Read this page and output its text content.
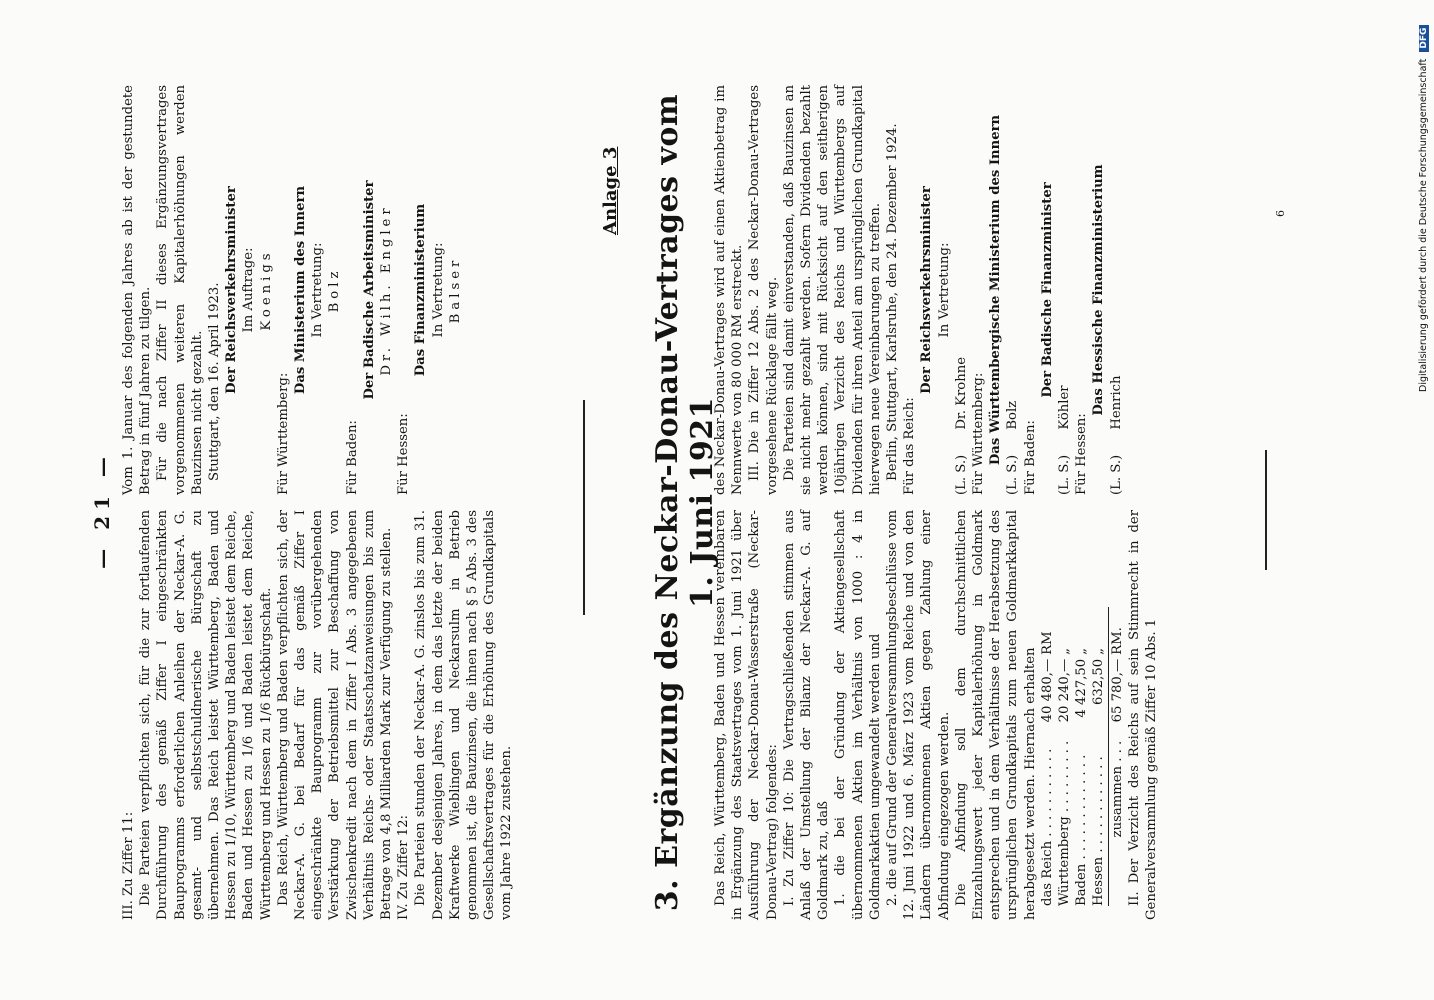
— 21 —

III. Zu Ziffer 11: Die Parteien verpflichten sich, für die zur fortlaufenden Durchführung des gemäß Ziffer I eingeschränkten Bauprogramms erforderlichen Anleihen der Neckar-A. G. gesamt- und selbstschuldnerische Bürgschaft zu übernehmen. Das Reich leistet Württemberg, Baden und Hessen zu 1/10, Württemberg und Baden leistet dem Reiche, Baden und Hessen zu 1/6 und Baden leistet dem Reiche, Württemberg und Hessen zu 1/6 Rückbürgschaft. Das Reich, Württemberg und Baden verpflichten sich, der Neckar-A. G. bei Bedarf für das gemäß Ziffer I eingeschränkte Bauprogramm zur vorübergehenden Verstärkung der Betriebsmittel zur Beschaffung von Zwischenkredit nach dem in Ziffer I Abs. 3 angegebenen Verhältnis Reichs- oder Staatsschatzanweisungen bis zum Betrage von 4,8 Milliarden Mark zur Verfügung zu stellen. IV. Zu Ziffer 12: Die Parteien stunden der Neckar-A. G. zinslos bis zum 31. Dezember desjenigen Jahres, in dem das letzte der beiden Kraftwerke Wieblingen und Neckarsulm in Betrieb genommen ist, die Bauzinsen, die ihnen nach § 5 Abs. 3 des Gesellschaftsvertrages für die Erhöhung des Grundkapitals vom Jahre 1922 zustehen.

Vom 1. Januar des folgenden Jahres ab ist der gestundete Betrag in fünf Jahren zu tilgen. Für die nach Ziffer II dieses Ergänzungsvertrages vorgenommenen weiteren Kapitalerhöhungen werden Bauzinsen nicht gezahlt. Stuttgart, den 16. April 1923. Der Reichsverkehrsminister Im Auftrage: Koenigs

Für Württemberg:

Das Ministerium des Innern In Vertretung: Bolz

Für Baden:

Der Badische Arbeitsminister Dr. Wilh. Engler

Für Hessen:

Das Finanzministerium In Vertretung: Balser

Anlage 3 3. Ergänzung des Neckar-Donau-Vertrages vom 1. Juni 1921

Das Reich, Württemberg, Baden und Hessen vereinbaren in Ergänzung des Staatsvertrages vom 1. Juni 1921 über Ausführung der Neckar-Donau-Wasserstraße (Neckar-Donau-Vertrag) folgendes: I. Zu Ziffer 10: Die Vertragschließenden stimmen aus Anlaß der Umstellung der Bilanz der Neckar-A. G. auf Goldmark zu, daß 1. die bei der Gründung der Aktiengesellschaft übernommenen Aktien im Verhältnis von 1000 : 4 in Goldmarkaktien umgewandelt werden und 2. die auf Grund der Generalversammlungsbeschlüsse vom 12. Juni 1922 und 6. März 1923 vom Reiche und von den Ländern übernommenen Aktien gegen Zahlung einer Abfindung eingezogen werden. Die Abfindung soll dem durchschnittlichen Einzahlungswert jeder Kapitalerhöhung in Goldmark entsprechen und in dem Verhältnisse der Herabsetzung des ursprünglichen Grundkapitals zum neuen Goldmarkkapital herabgesetzt werden. Hiernach erhalten das Reich . . . . . . . . . . .	40 480,—	RM
Württemberg . . . . . . . . .	20 240,—	„
Baden . . . . . . . . . . . . .	4 427,50	„
Hessen . . . . . . . . . . . .	632,50	„
zusammen . . .	65 780,—	RM. II. Der Verzicht des Reichs auf sein Stimmrecht in der Generalversammlung gemäß Ziffer 10 Abs. 1

des Neckar-Donau-Vertrages wird auf einen Aktienbetrag im Nennwerte von 80 000 RM erstreckt. III. Die in Ziffer 12 Abs. 2 des Neckar-Donau-Vertrages vorgesehene Rücklage fällt weg. Die Parteien sind damit einverstanden, daß Bauzinsen an sie nicht mehr gezahlt werden. Sofern Dividenden bezahlt werden können, sind mit Rücksicht auf den seitherigen 10jährigen Verzicht des Reichs und Württembergs auf Dividenden für ihren Anteil am ursprünglichen Grundkapital hierwegen neue Vereinbarungen zu treffen. Berlin, Stuttgart, Karlsruhe, den 24. Dezember 1924. Für das Reich:

Der Reichsverkehrsminister In Vertretung:

(L. S.)      Dr. Krohne Für Württemberg: Das Württembergische Ministerium des Innern (L. S.)      Bolz Für Baden:

Der Badische Finanzminister

(L. S.)      Köhler Für Hessen:

Das Hessische Finanzministerium

(L. S.)      Henrich

6	Digitalisierung gefördert durch die Deutsche Forschungsgemeinschaft DFG
